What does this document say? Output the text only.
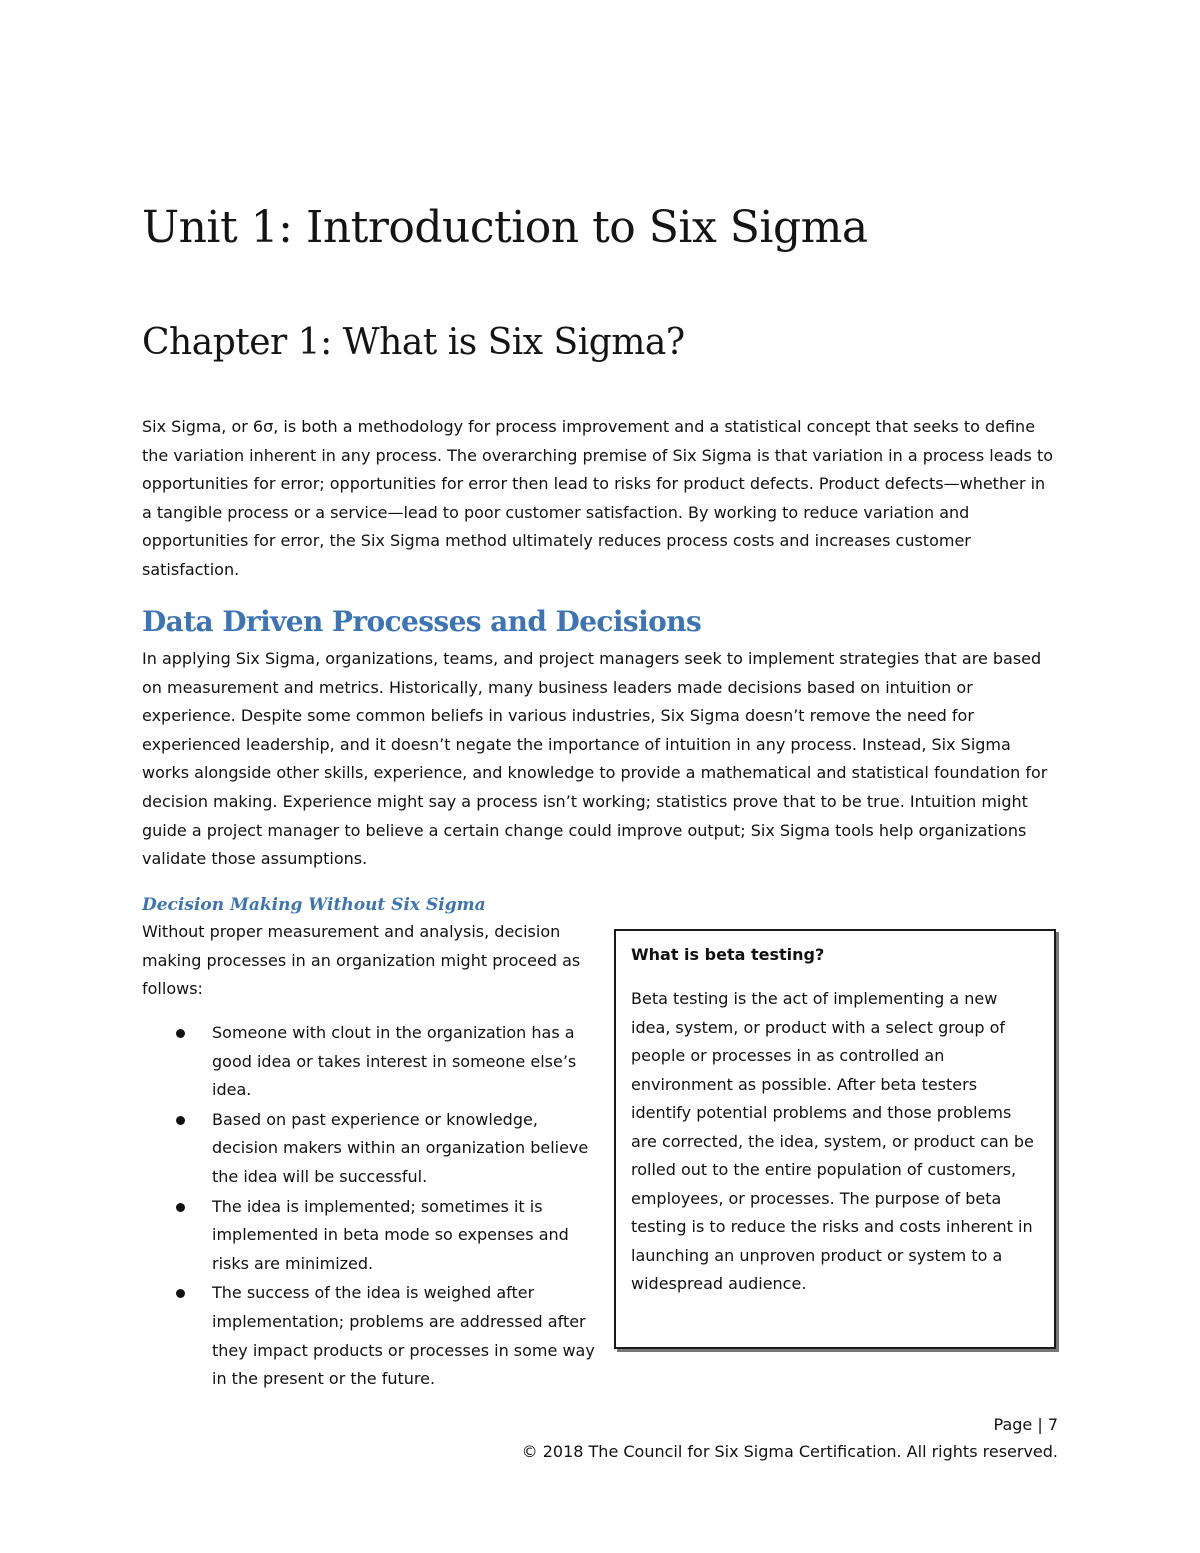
Unit 1: Introduction to Six Sigma
Chapter 1: What is Six Sigma?

Six Sigma, or 6σ, is both a methodology for process improvement and a statistical concept that seeks to define the variation inherent in any process. The overarching premise of Six Sigma is that variation in a process leads to opportunities for error; opportunities for error then lead to risks for product defects. Product defects—whether in a tangible process or a service—lead to poor customer satisfaction. By working to reduce variation and opportunities for error, the Six Sigma method ultimately reduces process costs and increases customer satisfaction.

Data Driven Processes and Decisions

In applying Six Sigma, organizations, teams, and project managers seek to implement strategies that are based on measurement and metrics. Historically, many business leaders made decisions based on intuition or experience. Despite some common beliefs in various industries, Six Sigma doesn’t remove the need for experienced leadership, and it doesn’t negate the importance of intuition in any process. Instead, Six Sigma works alongside other skills, experience, and knowledge to provide a mathematical and statistical foundation for decision making. Experience might say a process isn’t working; statistics prove that to be true. Intuition might guide a project manager to believe a certain change could improve output; Six Sigma tools help organizations validate those assumptions.

Decision Making Without Six Sigma

Without proper measurement and analysis, decision making processes in an organization might proceed as follows:

Someone with clout in the organization has a good idea or takes interest in someone else’s idea.
Based on past experience or knowledge, decision makers within an organization believe the idea will be successful.
The idea is implemented; sometimes it is implemented in beta mode so expenses and risks are minimized.
The success of the idea is weighed after implementation; problems are addressed after they impact products or processes in some way in the present or the future.

What is beta testing?

Beta testing is the act of implementing a new idea, system, or product with a select group of people or processes in as controlled an environment as possible. After beta testers identify potential problems and those problems are corrected, the idea, system, or product can be rolled out to the entire population of customers, employees, or processes. The purpose of beta testing is to reduce the risks and costs inherent in launching an unproven product or system to a widespread audience.

Page | 7

© 2018 The Council for Six Sigma Certification. All rights reserved.
